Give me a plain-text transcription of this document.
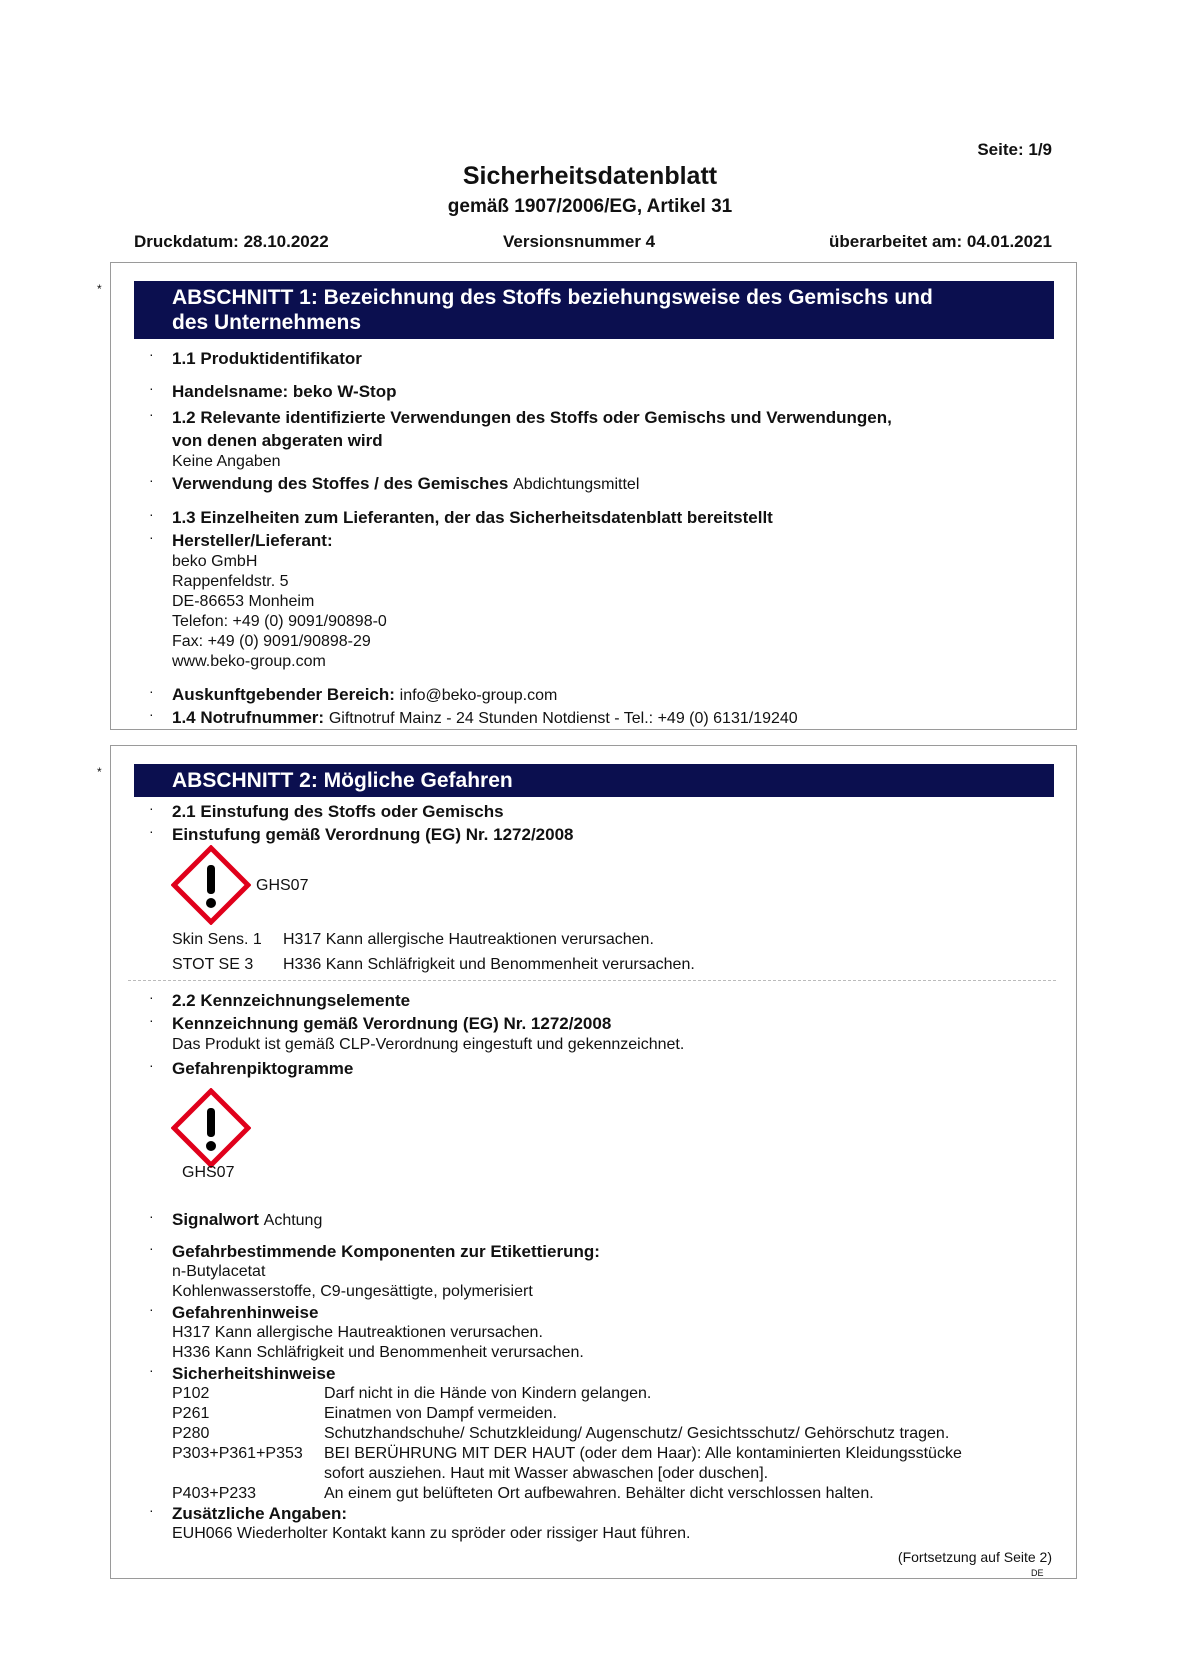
Seite: 1/9
Sicherheitsdatenblatt
gemäß 1907/2006/EG, Artikel 31
Druckdatum: 28.10.2022	Versionsnummer 4	überarbeitet am: 04.01.2021
*	ABSCHNITT 1: Bezeichnung des Stoffs beziehungsweise des Gemischs und
des Unternehmens
· 1.1 Produktidentifikator
· Handelsname: beko W-Stop
· 1.2 Relevante identifizierte Verwendungen des Stoffs oder Gemischs und Verwendungen,
von denen abgeraten wird
Keine Angaben
· Verwendung des Stoffes / des Gemisches Abdichtungsmittel
· 1.3 Einzelheiten zum Lieferanten, der das Sicherheitsdatenblatt bereitstellt
· Hersteller/Lieferant:
beko GmbH
Rappenfeldstr. 5
DE-86653 Monheim
Telefon: +49 (0) 9091/90898-0
Fax: +49 (0) 9091/90898-29
www.beko-group.com
· Auskunftgebender Bereich: info@beko-group.com
· 1.4 Notrufnummer: Giftnotruf Mainz - 24 Stunden Notdienst - Tel.: +49 (0) 6131/19240
*	ABSCHNITT 2: Mögliche Gefahren
· 2.1 Einstufung des Stoffs oder Gemischs
· Einstufung gemäß Verordnung (EG) Nr. 1272/2008
GHS07
Skin Sens. 1 H317 Kann allergische Hautreaktionen verursachen.
STOT SE 3 H336 Kann Schläfrigkeit und Benommenheit verursachen.
· 2.2 Kennzeichnungselemente
· Kennzeichnung gemäß Verordnung (EG) Nr. 1272/2008
Das Produkt ist gemäß CLP-Verordnung eingestuft und gekennzeichnet.
· Gefahrenpiktogramme
GHS07
· Signalwort Achtung
· Gefahrbestimmende Komponenten zur Etikettierung:
n-Butylacetat
Kohlenwasserstoffe, C9-ungesättigte, polymerisiert
· Gefahrenhinweise
H317 Kann allergische Hautreaktionen verursachen.
H336 Kann Schläfrigkeit und Benommenheit verursachen.
· Sicherheitshinweise
P102	Darf nicht in die Hände von Kindern gelangen.
P261	Einatmen von Dampf vermeiden.
P280	Schutzhandschuhe/ Schutzkleidung/ Augenschutz/ Gesichtsschutz/ Gehörschutz tragen.
P303+P361+P353 BEI BERÜHRUNG MIT DER HAUT (oder dem Haar): Alle kontaminierten Kleidungsstücke
sofort ausziehen. Haut mit Wasser abwaschen [oder duschen].
P403+P233	An einem gut belüfteten Ort aufbewahren. Behälter dicht verschlossen halten.
· Zusätzliche Angaben:
EUH066 Wiederholter Kontakt kann zu spröder oder rissiger Haut führen.
(Fortsetzung auf Seite 2)
DE
